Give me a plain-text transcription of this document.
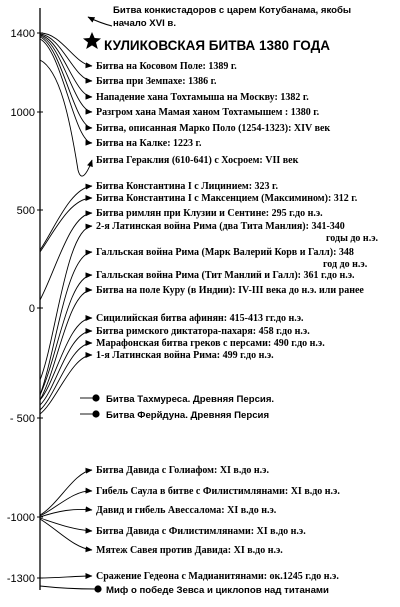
1400
1000
500
0
- 500
-1000
-1300
Битва конкистадоров с царем Котубанама, якобы
начало XVI в.
КУЛИКОВСКАЯ БИТВА 1380 ГОДА
Битва на Косовом Поле: 1389 г.
Битва при Земпахе: 1386 г.
Нападение хана Тохтамыша на Москву: 1382 г.
Разгром хана Мамая ханом Тохтамышем : 1380 г.
Битва, описанная Марко Поло (1254-1323): XIV век
Битва на Калке: 1223 г.
Битва Гераклия (610-641) с Хосроем: VII век
Битва Константина I с Лицинием: 323 г.
Битва Константина I с Максенцием (Максимином): 312 г.
Битва римлян при Клузии и Сентине: 295 г.до н.э.
2-я Латинская война Рима (два Тита Манлия): 341-340
годы до н.э.
Галльская война Рима (Марк Валерий Корв и Галл): 348
год до н.э.
Галльская война Рима (Тит Манлий и Галл): 361 г.до н.э.
Битва на поле Куру (в Индии): IV-III века до н.э. или ранее
Сицилийская битва афинян: 415-413 гг.до н.э.
Битва римского диктатора-пахаря: 458 г.до н.э.
Марафонская битва греков с персами: 490 г.до н.э.
1-я Латинская война Рима: 499 г.до н.э.
Битва Тахмуреса. Древняя Персия.
Битва Ферйдуна. Древняя Персия
Битва Давида с Голиафом: XI в.до н.э.
Гибель Саула в битве с Филистимлянами: XI в.до н.э.
Давид и гибель Авессалома: XI в.до н.э.
Битва Давида с Филистимлянами: XI в.до н.э.
Мятеж Савея против Давида: XI в.до н.э.
Сражение Гедеона с Мадианитянами: ок.1245 г.до н.э.
Миф о победе Зевса и циклопов над титанами
